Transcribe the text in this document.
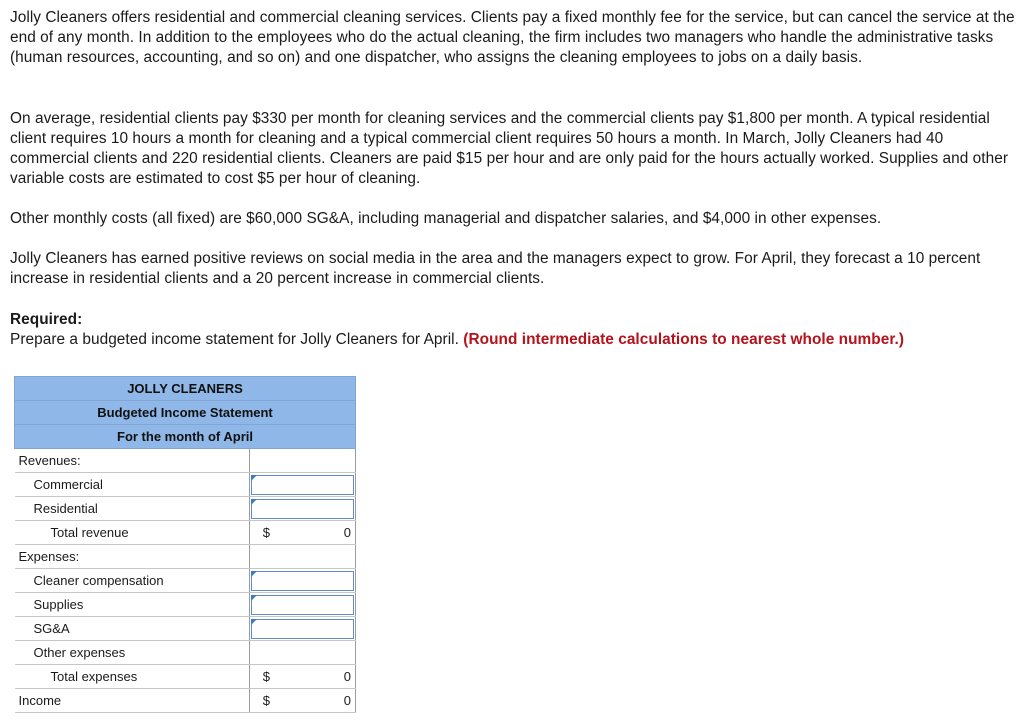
Jolly Cleaners offers residential and commercial cleaning services. Clients pay a fixed monthly fee for the service, but can cancel the service at the end of any month. In addition to the employees who do the actual cleaning, the firm includes two managers who handle the administrative tasks (human resources, accounting, and so on) and one dispatcher, who assigns the cleaning employees to jobs on a daily basis.

On average, residential clients pay $330 per month for cleaning services and the commercial clients pay $1,800 per month. A typical residential client requires 10 hours a month for cleaning and a typical commercial client requires 50 hours a month. In March, Jolly Cleaners had 40 commercial clients and 220 residential clients. Cleaners are paid $15 per hour and are only paid for the hours actually worked. Supplies and other variable costs are estimated to cost $5 per hour of cleaning.

Other monthly costs (all fixed) are $60,000 SG&A, including managerial and dispatcher salaries, and $4,000 in other expenses.

Jolly Cleaners has earned positive reviews on social media in the area and the managers expect to grow. For April, they forecast a 10 percent increase in residential clients and a 20 percent increase in commercial clients.

Required:
Prepare a budgeted income statement for Jolly Cleaners for April. (Round intermediate calculations to nearest whole number.)
JOLLY CLEANERS	
Budgeted Income Statement	
For the month of April	
Revenues:	
Commercial	

Residential	

Total revenue	$ 0

Expenses:	
Cleaner compensation	

Supplies	

SG&A	

Other expenses	
Total expenses	$ 0

Income	$ 0
